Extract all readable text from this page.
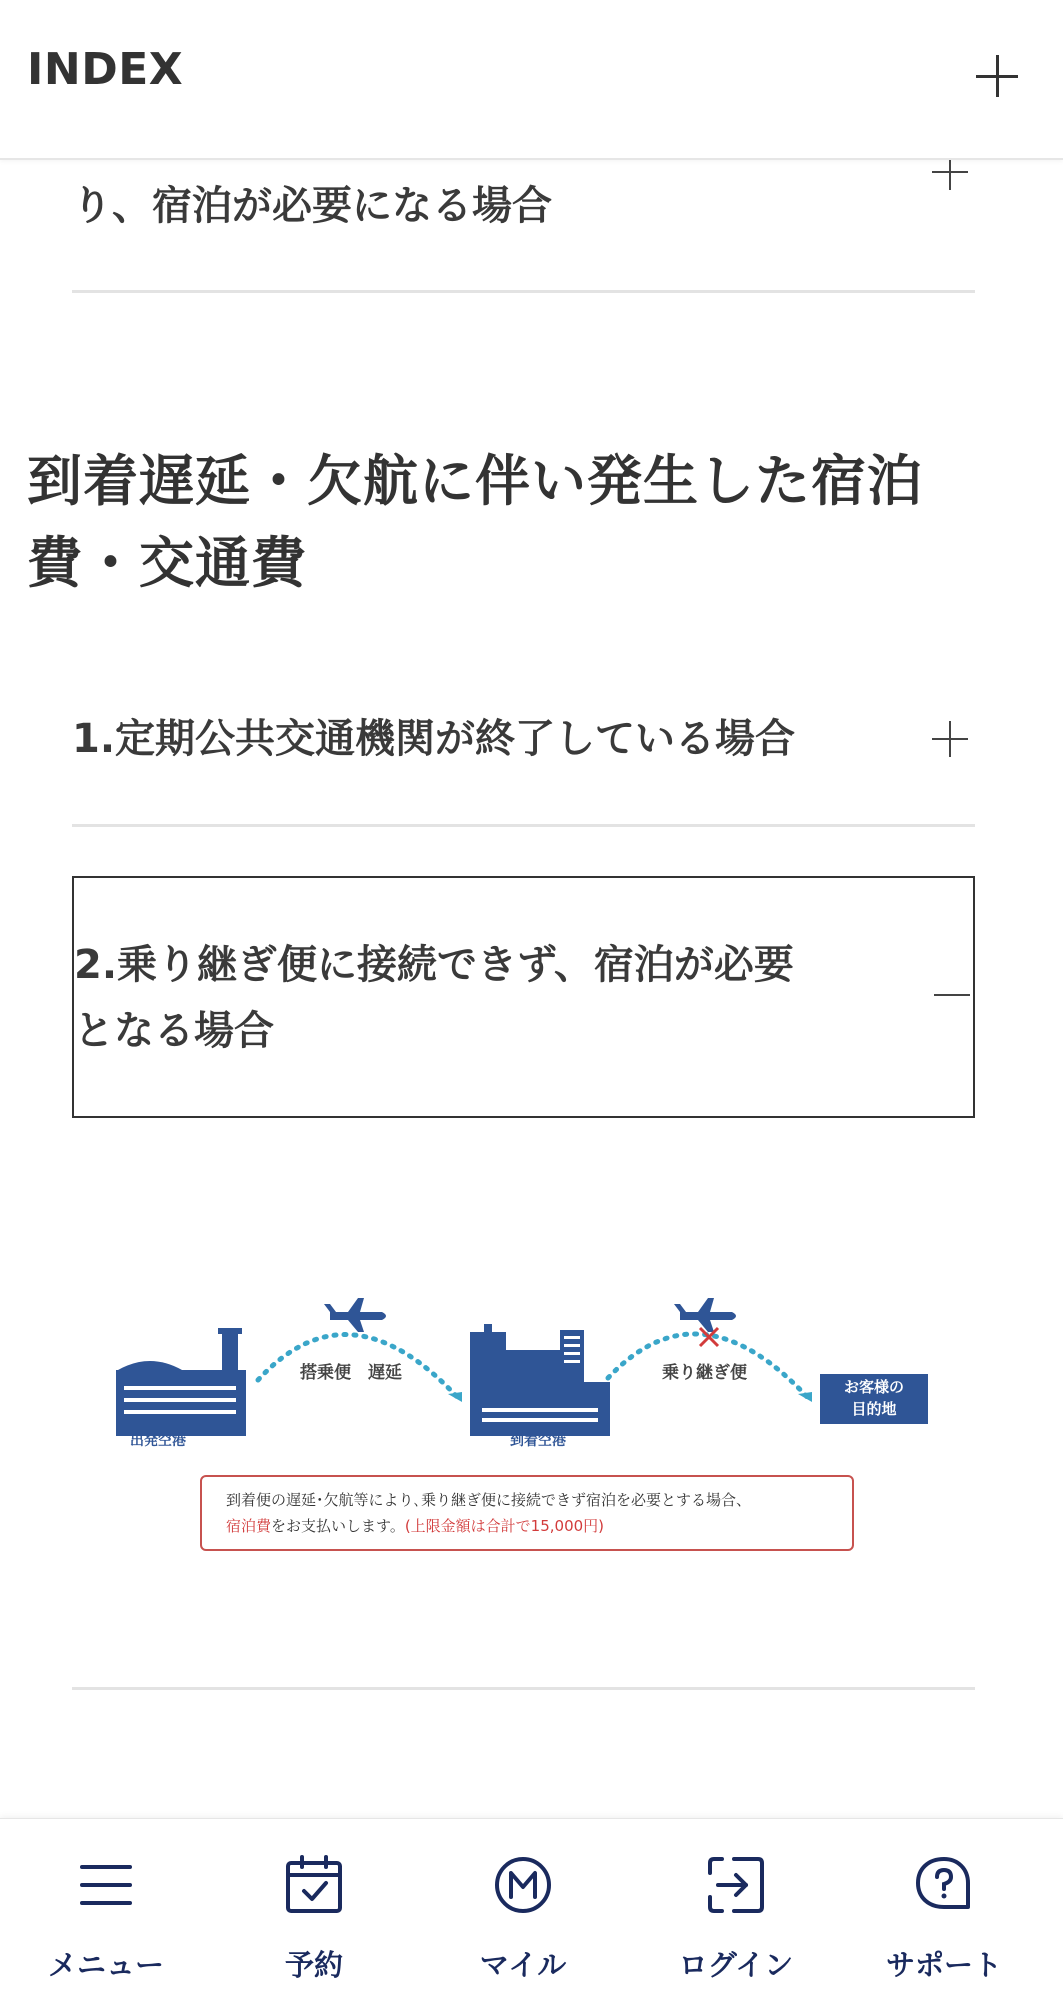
INDEX
り、宿泊が必要になる場合
到着遅延・欠航に伴い発生した宿泊
費・交通費
1.定期公共交通機関が終了している場合
2.乗り継ぎ便に接続できず、宿泊が必要
となる場合
出発空港
搭乗便　遅延
到着空港
乗り継ぎ便
お客様の
目的地
到着便の遅延･欠航等により､乗り継ぎ便に接続できず宿泊を必要とする場合、
宿泊費をお支払いします。(上限金額は合計で15,000円)
メニュー	予約	マイル	ログイン	サポート
